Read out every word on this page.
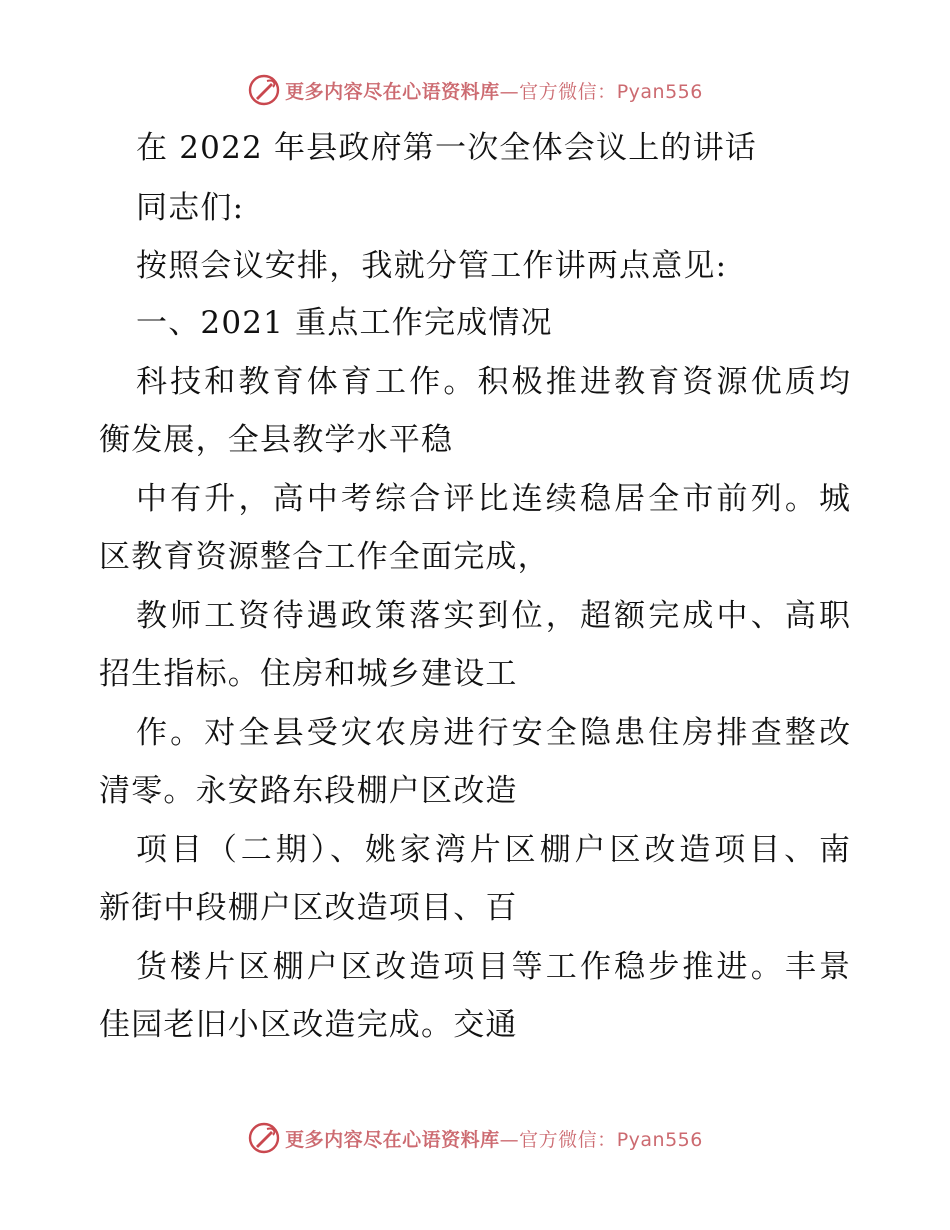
更多内容尽在心语资料库—官方微信：Pyan556
在 2022 年县政府第一次全体会议上的讲话
同志们:
按照会议安排，我就分管工作讲两点意见:
一、2021 重点工作完成情况
科技和教育体育工作。积极推进教育资源优质均
衡发展，全县教学水平稳
中有升，高中考综合评比连续稳居全市前列。城
区教育资源整合工作全面完成，
教师工资待遇政策落实到位，超额完成中、高职
招生指标。住房和城乡建设工
作。对全县受灾农房进行安全隐患住房排查整改
清零。永安路东段棚户区改造
项目（二期）、姚家湾片区棚户区改造项目、南
新街中段棚户区改造项目、百
货楼片区棚户区改造项目等工作稳步推进。丰景
佳园老旧小区改造完成。交通
更多内容尽在心语资料库—官方微信：Pyan556
